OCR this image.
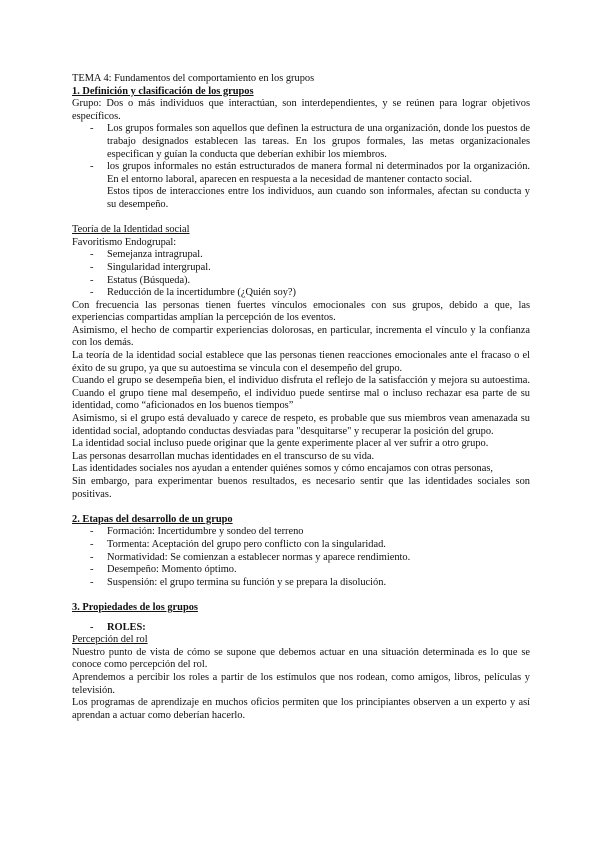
TEMA 4: Fundamentos del comportamiento en los grupos

1. Definición y clasificación de los grupos

Grupo: Dos o más individuos que interactúan, son interdependientes, y se reúnen para lograr objetivos específicos.

- Los grupos formales son aquellos que definen la estructura de una organización, donde los puestos de trabajo designados establecen las tareas. En los grupos formales, las metas organizacionales especifican y guían la conducta que deberían exhibir los miembros.
- los grupos informales no están estructurados de manera formal ni determinados por la organización. En el entorno laboral, aparecen en respuesta a la necesidad de mantener contacto social.

Estos tipos de interacciones entre los individuos, aun cuando son informales, afectan su conducta y su desempeño.

Teoría de la Identidad social

Favoritismo Endogrupal:

- Semejanza intragrupal.
- Singularidad intergrupal.
- Estatus (Búsqueda).
- Reducción de la incertidumbre (¿Quién soy?)

Con frecuencia las personas tienen fuertes vínculos emocionales con sus grupos, debido a que, las experiencias compartidas amplían la percepción de los eventos.

Asimismo, el hecho de compartir experiencias dolorosas, en particular, incrementa el vínculo y la confianza con los demás.

La teoría de la identidad social establece que las personas tienen reacciones emocionales ante el fracaso o el éxito de su grupo, ya que su autoestima se vincula con el desempeño del grupo.

Cuando el grupo se desempeña bien, el individuo disfruta el reflejo de la satisfacción y mejora su autoestima. Cuando el grupo tiene mal desempeño, el individuo puede sentirse mal o incluso rechazar esa parte de su identidad, como “aficionados en los buenos tiempos”

Asimismo, si el grupo está devaluado y carece de respeto, es probable que sus miembros vean amenazada su identidad social, adoptando conductas desviadas para "desquitarse" y recuperar la posición del grupo.

La identidad social incluso puede originar que la gente experimente placer al ver sufrir a otro grupo.

Las personas desarrollan muchas identidades en el transcurso de su vida.

Las identidades sociales nos ayudan a entender quiénes somos y cómo encajamos con otras personas,

Sin embargo, para experimentar buenos resultados, es necesario sentir que las identidades sociales son positivas.

2. Etapas del desarrollo de un grupo

- Formación: Incertidumbre y sondeo del terreno
- Tormenta: Aceptación del grupo pero conflicto con la singularidad.
- Normatividad: Se comienzan a establecer normas y aparece rendimiento.
- Desempeño: Momento óptimo.
- Suspensión: el grupo termina su función y se prepara la disolución.

3. Propiedades de los grupos

- ROLES:

Percepción del rol

Nuestro punto de vista de cómo se supone que debemos actuar en una situación determinada es lo que se conoce como percepción del rol.

Aprendemos a percibir los roles a partir de los estímulos que nos rodean, como amigos, libros, películas y televisión.

Los programas de aprendizaje en muchos oficios permiten que los principiantes observen a un experto y así aprendan a actuar como deberían hacerlo.
